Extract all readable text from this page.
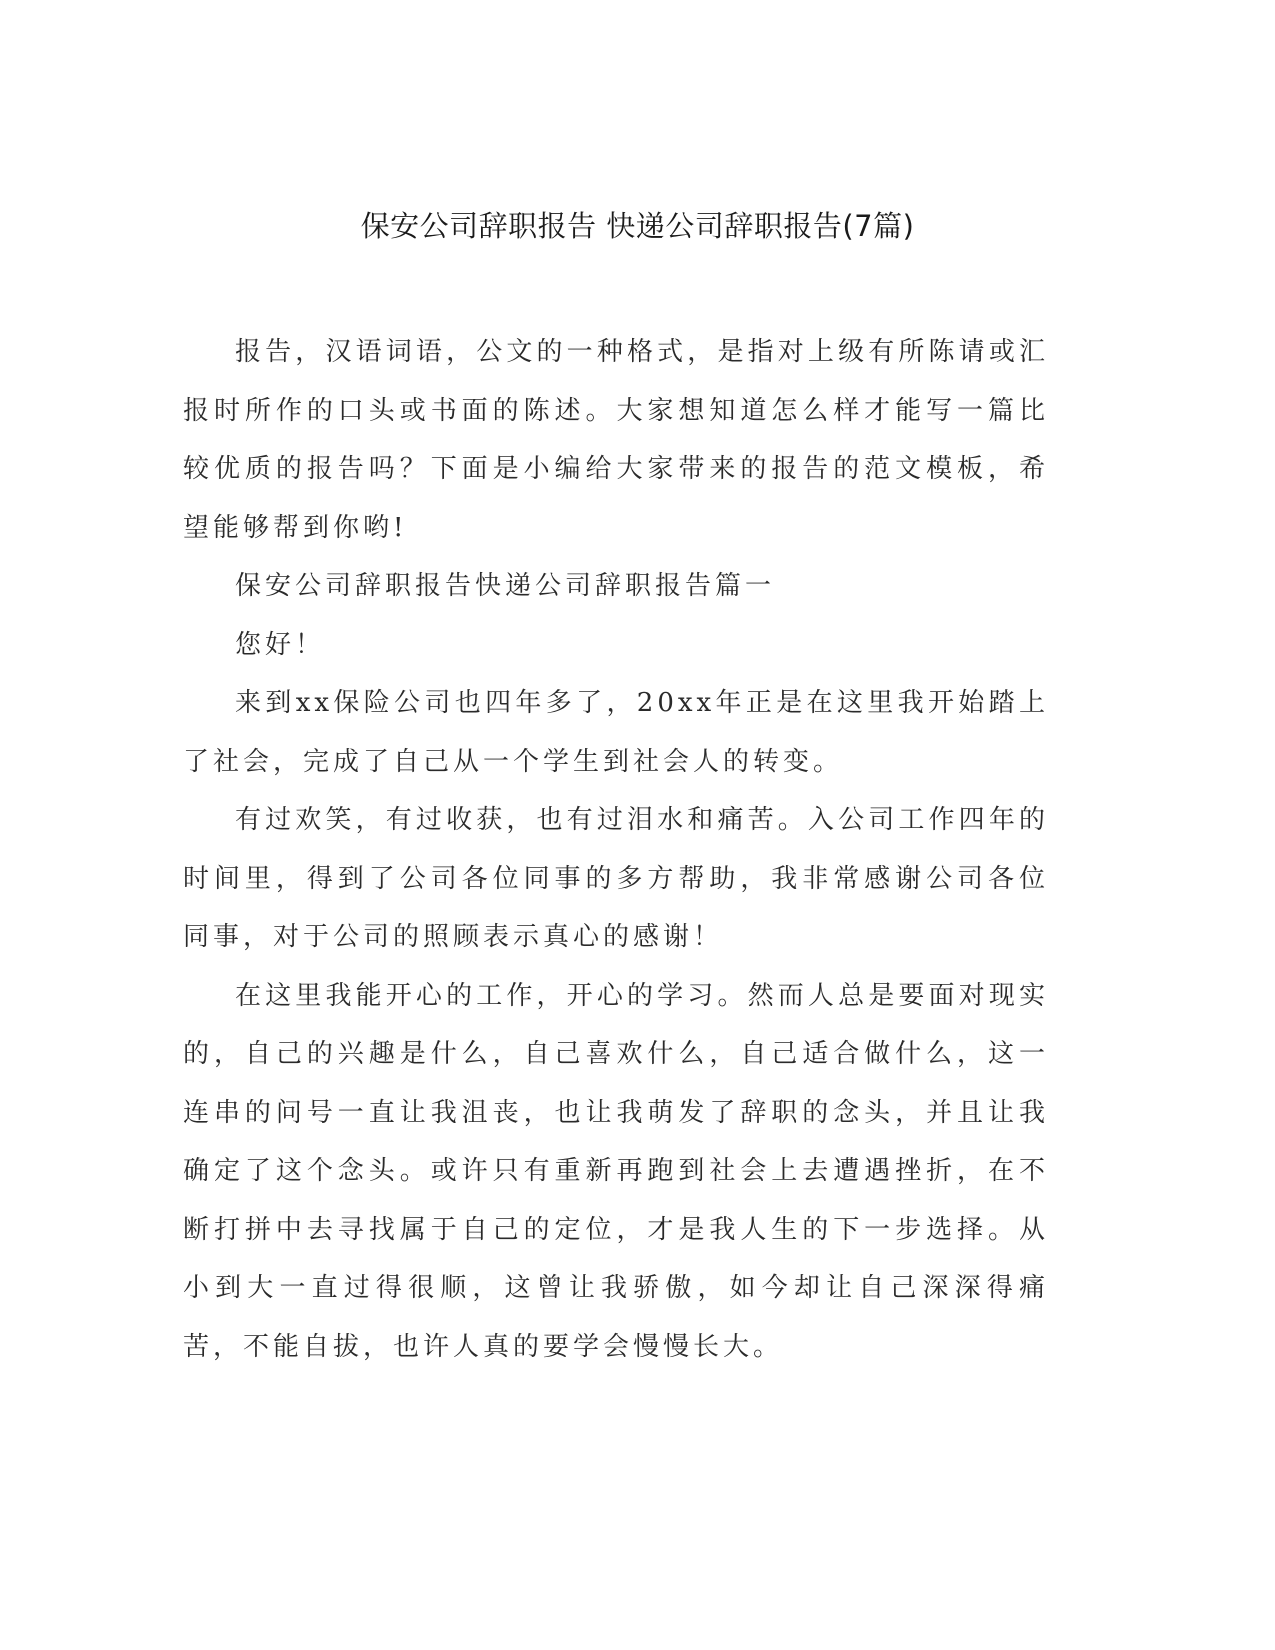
保安公司辞职报告 快递公司辞职报告(7篇)

报告，汉语词语，公文的一种格式，是指对上级有所陈请或汇报时所作的口头或书面的陈述。大家想知道怎么样才能写一篇比较优质的报告吗？下面是小编给大家带来的报告的范文模板，希望能够帮到你哟!

保安公司辞职报告快递公司辞职报告篇一

您好！

来到xx保险公司也四年多了，20xx年正是在这里我开始踏上了社会，完成了自己从一个学生到社会人的转变。

有过欢笑，有过收获，也有过泪水和痛苦。入公司工作四年的时间里，得到了公司各位同事的多方帮助，我非常感谢公司各位同事，对于公司的照顾表示真心的感谢！

在这里我能开心的工作，开心的学习。然而人总是要面对现实的，自己的兴趣是什么，自己喜欢什么，自己适合做什么，这一连串的问号一直让我沮丧，也让我萌发了辞职的念头，并且让我确定了这个念头。或许只有重新再跑到社会上去遭遇挫折，在不断打拼中去寻找属于自己的定位，才是我人生的下一步选择。从小到大一直过得很顺，这曾让我骄傲，如今却让自己深深得痛苦，不能自拔，也许人真的要学会慢慢长大。
